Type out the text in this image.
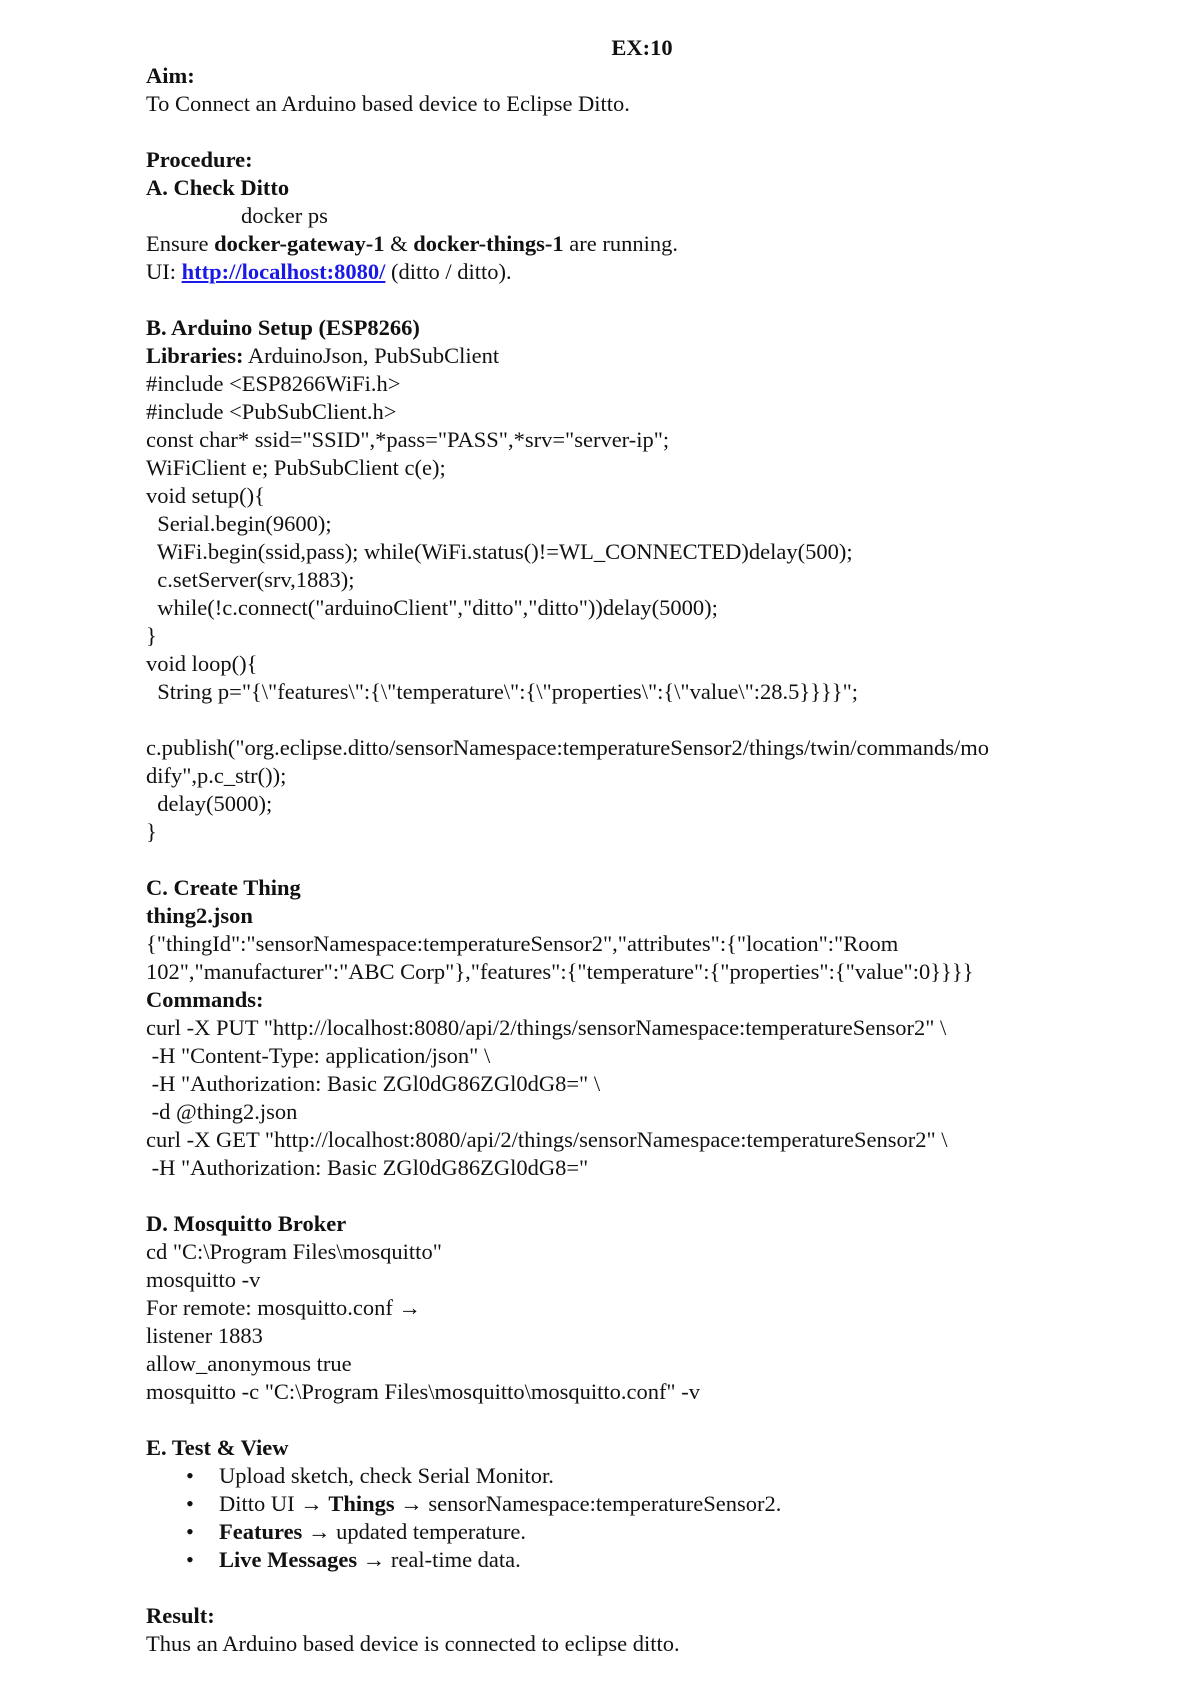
EX:10
Aim:
To Connect an Arduino based device to Eclipse Ditto.
Procedure:
A. Check Ditto
docker ps
Ensure docker-gateway-1 & docker-things-1 are running.
UI: http://localhost:8080/ (ditto / ditto).
B. Arduino Setup (ESP8266)
Libraries: ArduinoJson, PubSubClient
#include <ESP8266WiFi.h>
#include <PubSubClient.h>
const char* ssid="SSID",*pass="PASS",*srv="server-ip";
WiFiClient e; PubSubClient c(e);
void setup(){
Serial.begin(9600);
WiFi.begin(ssid,pass); while(WiFi.status()!=WL_CONNECTED)delay(500);
c.setServer(srv,1883);
while(!c.connect("arduinoClient","ditto","ditto"))delay(5000);
}
void loop(){
String p="{\"features\":{\"temperature\":{\"properties\":{\"value\":28.5}}}}";
c.publish("org.eclipse.ditto/sensorNamespace:temperatureSensor2/things/twin/commands/mo
dify",p.c_str());
delay(5000);
}
C. Create Thing
thing2.json
{"thingId":"sensorNamespace:temperatureSensor2","attributes":{"location":"Room
102","manufacturer":"ABC Corp"},"features":{"temperature":{"properties":{"value":0}}}}
Commands:
curl -X PUT "http://localhost:8080/api/2/things/sensorNamespace:temperatureSensor2" \
-H "Content-Type: application/json" \
-H "Authorization: Basic ZGl0dG86ZGl0dG8=" \
-d @thing2.json
curl -X GET "http://localhost:8080/api/2/things/sensorNamespace:temperatureSensor2" \
-H "Authorization: Basic ZGl0dG86ZGl0dG8="
D. Mosquitto Broker
cd "C:\Program Files\mosquitto"
mosquitto -v
For remote: mosquitto.conf →
listener 1883
allow_anonymous true
mosquitto -c "C:\Program Files\mosquitto\mosquitto.conf" -v
E. Test & View
• Upload sketch, check Serial Monitor.
• Ditto UI → Things → sensorNamespace:temperatureSensor2.
• Features → updated temperature.
• Live Messages → real-time data.
Result:
Thus an Arduino based device is connected to eclipse ditto.
